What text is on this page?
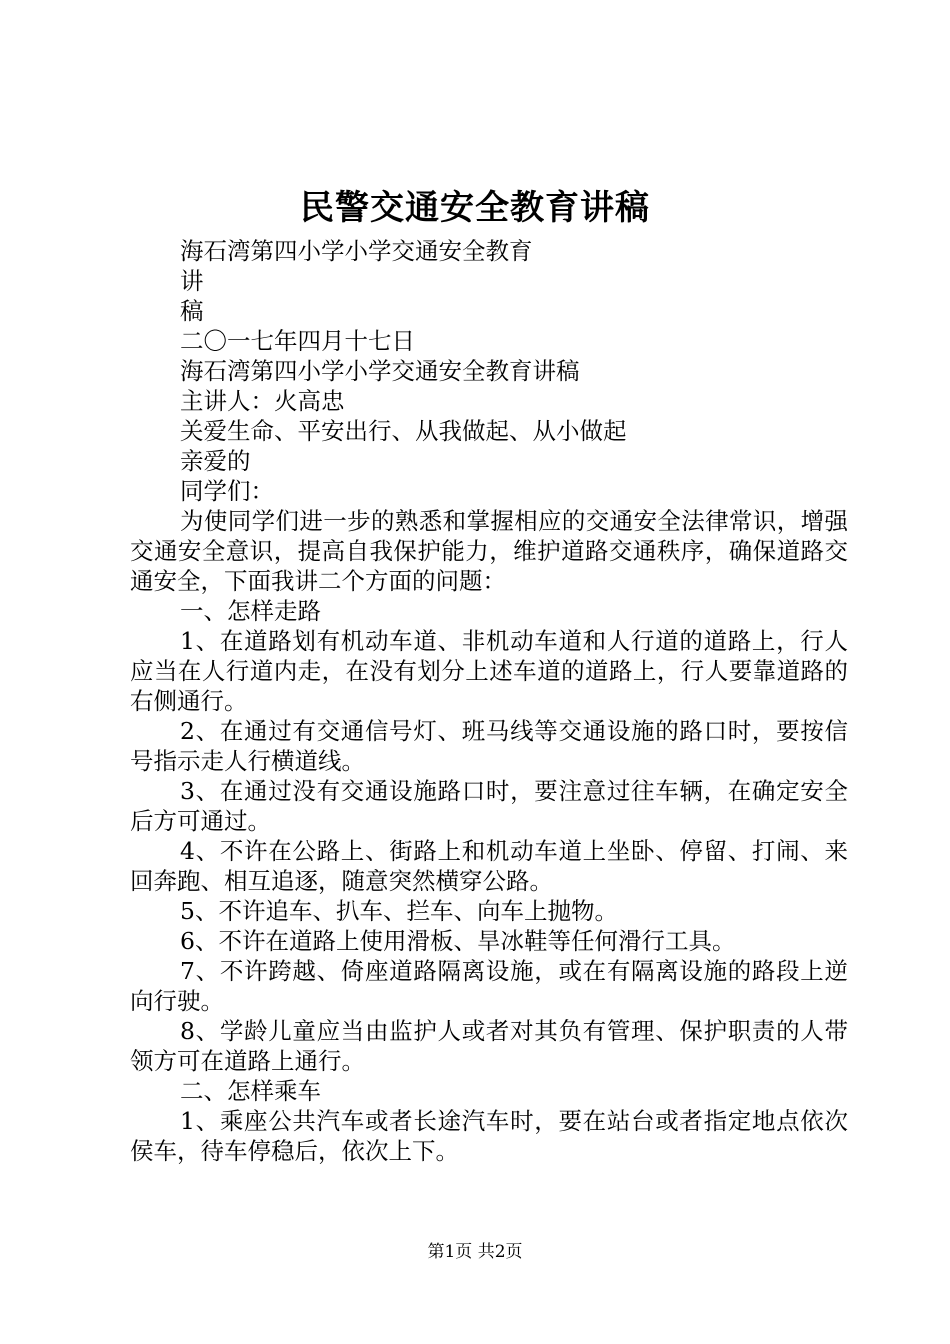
民警交通安全教育讲稿

海石湾第四小学小学交通安全教育

讲

稿

二〇一七年四月十七日

海石湾第四小学小学交通安全教育讲稿

主讲人：火高忠

关爱生命、平安出行、从我做起、从小做起

亲爱的

同学们：

为使同学们进一步的熟悉和掌握相应的交通安全法律常识，增强交通安全意识，提高自我保护能力，维护道路交通秩序，确保道路交通安全，下面我讲二个方面的问题：

一、怎样走路

1、在道路划有机动车道、非机动车道和人行道的道路上，行人应当在人行道内走，在没有划分上述车道的道路上，行人要靠道路的右侧通行。

2、在通过有交通信号灯、班马线等交通设施的路口时，要按信号指示走人行横道线。

3、在通过没有交通设施路口时，要注意过往车辆，在确定安全后方可通过。

4、不许在公路上、街路上和机动车道上坐卧、停留、打闹、来回奔跑、相互追逐，随意突然横穿公路。

5、不许追车、扒车、拦车、向车上抛物。

6、不许在道路上使用滑板、旱冰鞋等任何滑行工具。

7、不许跨越、倚座道路隔离设施，或在有隔离设施的路段上逆向行驶。

8、学龄儿童应当由监护人或者对其负有管理、保护职责的人带领方可在道路上通行。

二、怎样乘车

1、乘座公共汽车或者长途汽车时，要在站台或者指定地点依次侯车，待车停稳后，依次上下。

第1页 共2页
